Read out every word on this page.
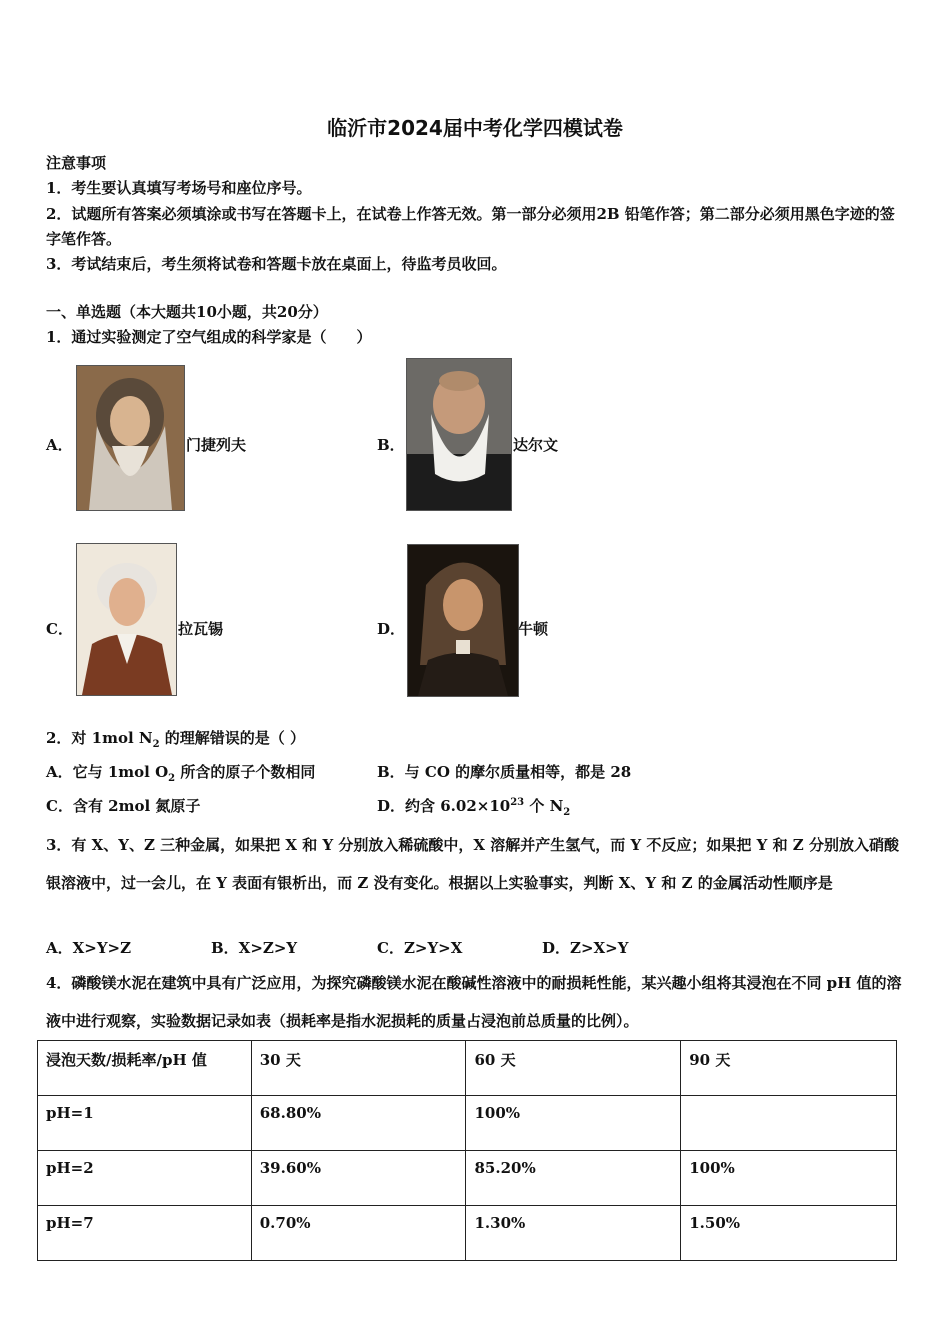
临沂市2024届中考化学四模试卷
注意事项
1．考生要认真填写考场号和座位序号。
2．试题所有答案必须填涂或书写在答题卡上，在试卷上作答无效。第一部分必须用2B 铅笔作答；第二部分必须用黑色字迹的签字笔作答。
3．考试结束后，考生须将试卷和答题卡放在桌面上，待监考员收回。
一、单选题（本大题共10小题，共20分）
1．通过实验测定了空气组成的科学家是（　　）
A．	门捷列夫	B．	达尔文
C．	拉瓦锡	D．	牛顿
2．对 1mol $N_2$ 的理解错误的是（ ）
A．它与 1mol $O_2$ 所含的原子个数相同	B．与 CO 的摩尔质量相等，都是 28
C．含有 2mol 氮原子	D．约含 $6.02\times 10^{23}$ 个 $N_2$
3．有 X、Y、Z 三种金属，如果把 X 和 Y 分别放入稀硫酸中，X 溶解并产生氢气，而 Y 不反应；如果把 Y 和 Z 分别放入硝酸银溶液中，过一会儿，在 Y 表面有银析出，而 Z 没有变化。根据以上实验事实，判断 X、Y 和 Z 的金属活动性顺序是
A．X>Y>Z	B．X>Z>Y	C．Z>Y>X	D．Z>X>Y
4．磷酸镁水泥在建筑中具有广泛应用，为探究磷酸镁水泥在酸碱性溶液中的耐损耗性能，某兴趣小组将其浸泡在不同 pH 值的溶液中进行观察，实验数据记录如表（损耗率是指水泥损耗的质量占浸泡前总质量的比例）。
浸泡天数/损耗率/pH 值	30 天	60 天	90 天
pH=1	68.80%	100%	
pH=2	39.60%	85.20%	100%
pH=7	0.70%	1.30%	1.50%
